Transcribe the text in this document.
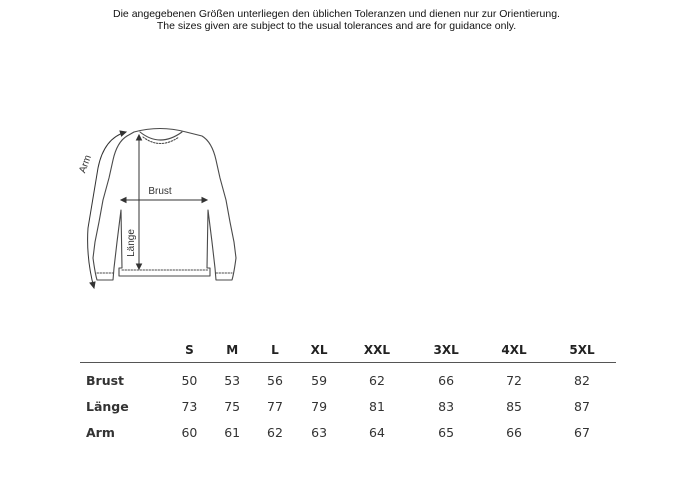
Die angegebenen Größen unterliegen den üblichen Toleranzen und dienen nur zur Orientierung.
The sizes given are subject to the usual tolerances and are for guidance only.
Brust
Länge
Arm
	S	M	L	XL	XXL	3XL	4XL	5XL
Brust	50	53	56	59	62	66	72	82
Länge	73	75	77	79	81	83	85	87
Arm	60	61	62	63	64	65	66	67
